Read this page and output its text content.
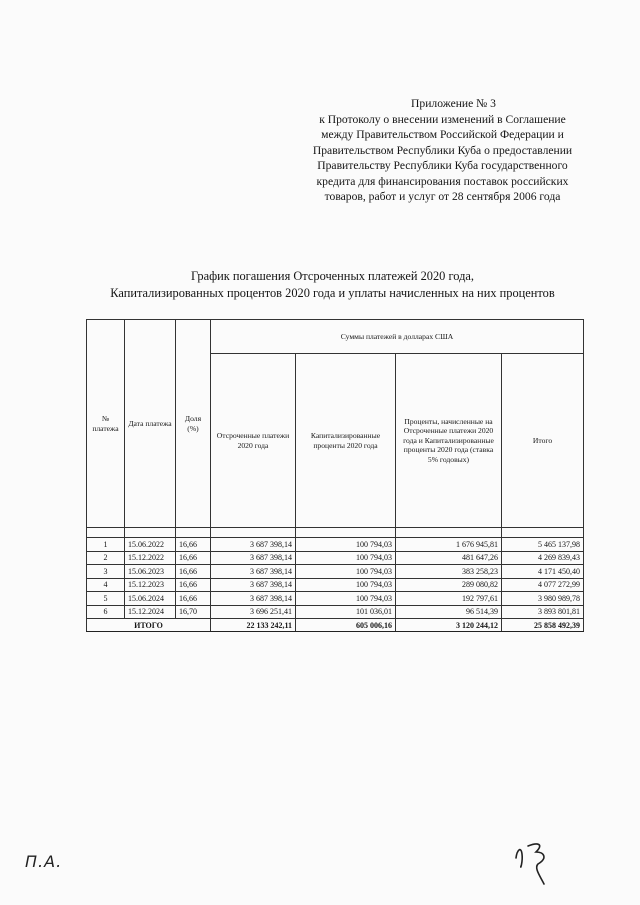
Приложение № 3
к Протоколу о внесении изменений в Соглашение
между Правительством Российской Федерации и
Правительством Республики Куба о предоставлении
Правительству Республики Куба государственного
кредита для финансирования поставок российских
товаров, работ и услуг от 28 сентября 2006 года
График погашения Отсроченных платежей 2020 года,
Капитализированных процентов 2020 года и уплаты начисленных на них процентов
№ платежа	Дата платежа	Доля (%)	Суммы платежей в долларах США			
			Отсроченные платежи 2020 года	Капитализированные проценты 2020 года	Проценты, начисленные на Отсроченные платежи 2020 года и Капитализированные проценты 2020 года (ставка 5% годовых)	Итого

1	15.06.2022	16,66	3 687 398,14	100 794,03	1 676 945,81	5 465 137,98
2	15.12.2022	16,66	3 687 398,14	100 794,03	481 647,26	4 269 839,43
3	15.06.2023	16,66	3 687 398,14	100 794,03	383 258,23	4 171 450,40
4	15.12.2023	16,66	3 687 398,14	100 794,03	289 080,82	4 077 272,99
5	15.06.2024	16,66	3 687 398,14	100 794,03	192 797,61	3 980 989,78
6	15.12.2024	16,70	3 696 251,41	101 036,01	96 514,39	3 893 801,81
ИТОГО			22 133 242,11	605 006,16	3 120 244,12	25 858 492,39
П.А.
